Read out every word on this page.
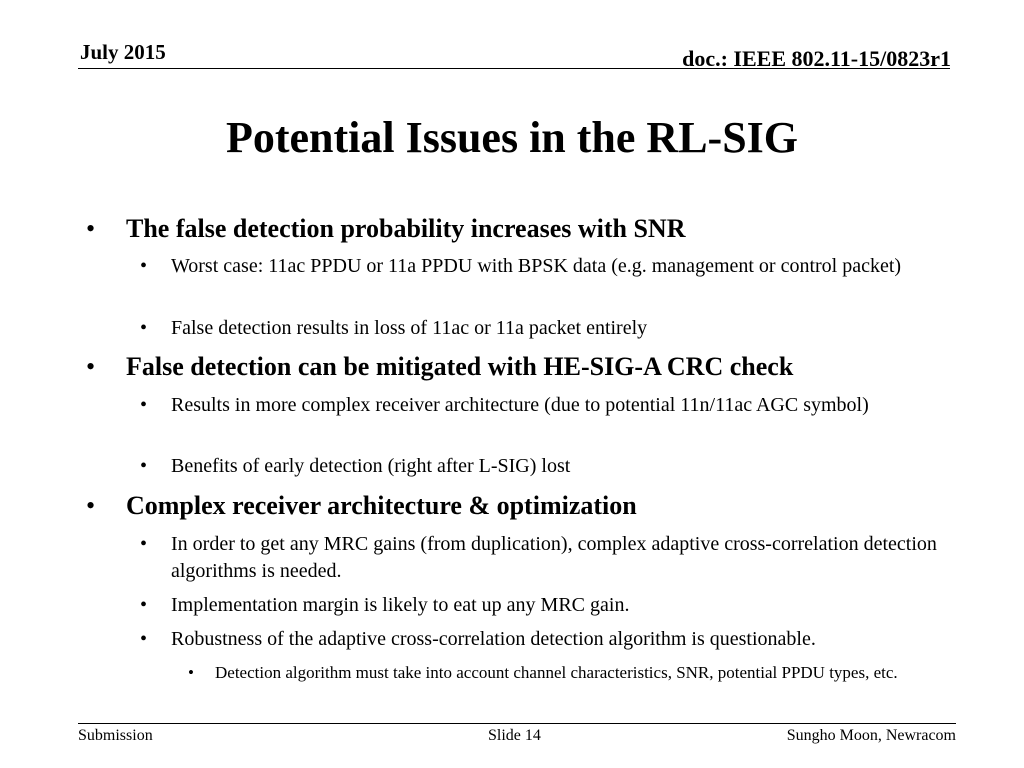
July 2015	doc.: IEEE 802.11-15/0823r1
Potential Issues in the RL-SIG
• The false detection probability increases with SNR
• Worst case: 11ac PPDU or 11a PPDU with BPSK data (e.g. management or control packet)
• False detection results in loss of 11ac or 11a packet entirely
• False detection can be mitigated with HE-SIG-A CRC check
• Results in more complex receiver architecture (due to potential 11n/11ac AGC symbol)
• Benefits of early detection (right after L-SIG) lost
• Complex receiver architecture & optimization
• In order to get any MRC gains (from duplication), complex adaptive cross-correlation detection algorithms is needed.
• Implementation margin is likely to eat up any MRC gain.
• Robustness of the adaptive cross-correlation detection algorithm is questionable.
• Detection algorithm must take into account channel characteristics, SNR, potential PPDU types, etc.
Submission	Slide 14	Sungho Moon, Newracom
